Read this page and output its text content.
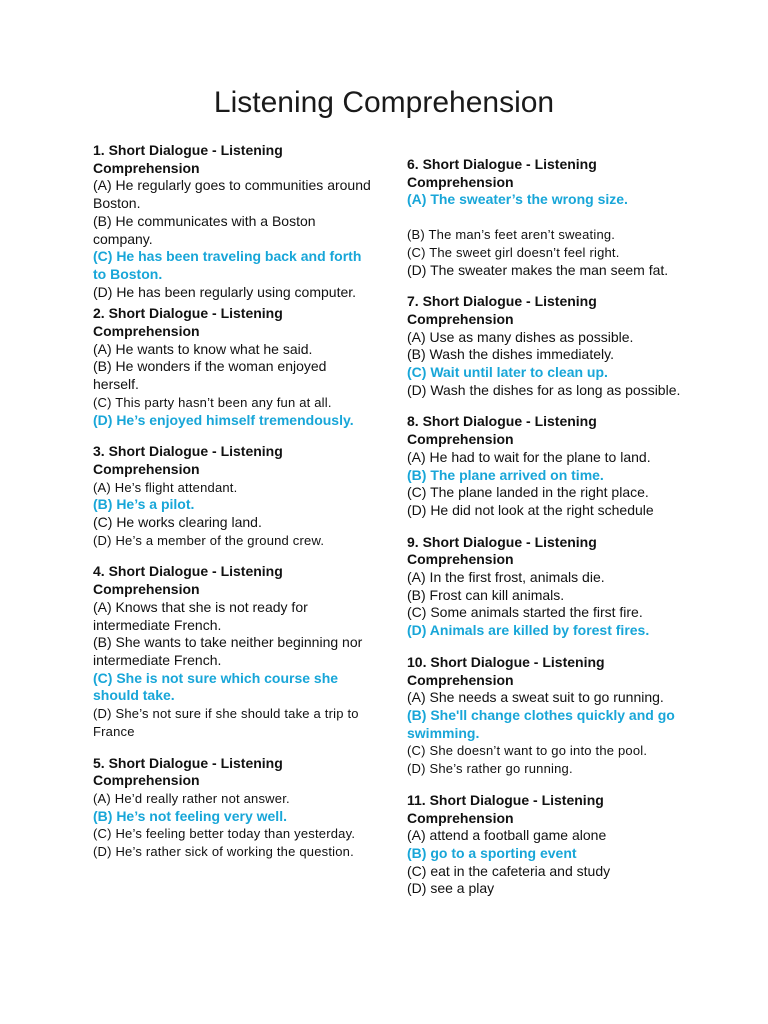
Listening Comprehension
1. Short Dialogue - Listening Comprehension
(A) He regularly goes to communities around Boston.
(B) He communicates with a Boston company.
(C) He has been traveling back and forth to Boston.
(D) He has been regularly using computer.
2. Short Dialogue - Listening Comprehension
(A) He wants to know what he said.
(B) He wonders if the woman enjoyed herself.
(C) This party hasn’t been any fun at all.
(D) He’s enjoyed himself tremendously.
3. Short Dialogue - Listening Comprehension
(A) He’s flight attendant.
(B) He’s a pilot.
(C) He works clearing land.
(D) He’s a member of the ground crew.
4. Short Dialogue - Listening Comprehension
(A) Knows that she is not ready for intermediate French.
(B) She wants to take neither beginning nor intermediate French.
(C) She is not sure which course she should take.
(D) She’s not sure if she should take a trip to France
5. Short Dialogue - Listening Comprehension
(A) He’d really rather not answer.
(B) He’s not feeling very well.
(C) He’s feeling better today than yesterday.
(D) He’s rather sick of working the question.
6. Short Dialogue - Listening Comprehension
(A) The sweater’s the wrong size.
(B) The man’s feet aren’t sweating.
(C) The sweet girl doesn’t feel right.
(D) The sweater makes the man seem fat.
7. Short Dialogue - Listening Comprehension
(A) Use as many dishes as possible.
(B) Wash the dishes immediately.
(C) Wait until later to clean up.
(D) Wash the dishes for as long as possible.
8. Short Dialogue - Listening Comprehension
(A) He had to wait for the plane to land.
(B) The plane arrived on time.
(C) The plane landed in the right place.
(D) He did not look at the right schedule
9. Short Dialogue - Listening Comprehension
(A) In the first frost, animals die.
(B) Frost can kill animals.
(C) Some animals started the first fire.
(D) Animals are killed by forest fires.
10. Short Dialogue - Listening Comprehension
(A) She needs a sweat suit to go running.
(B) She'll change clothes quickly and go swimming.
(C) She doesn’t want to go into the pool.
(D) She’s rather go running.
11. Short Dialogue - Listening Comprehension
(A) attend a football game alone
(B) go to a sporting event
(C) eat in the cafeteria and study
(D) see a play
